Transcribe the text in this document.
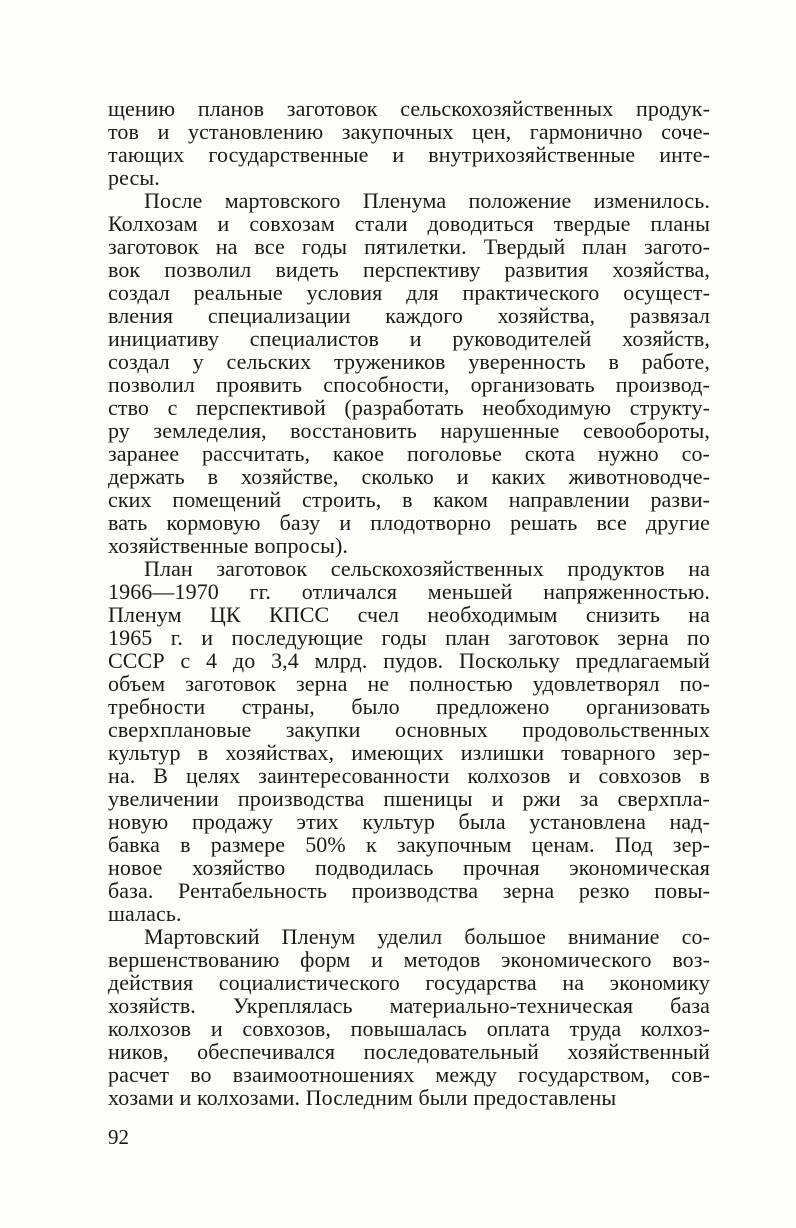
щению планов заготовок сельскохозяйственных продук-
тов и установлению закупочных цен, гармонично соче-
тающих государственные и внутрихозяйственные инте-
ресы.
После мартовского Пленума положение изменилось.
Колхозам и совхозам стали доводиться твердые планы
заготовок на все годы пятилетки. Твердый план загото-
вок позволил видеть перспективу развития хозяйства,
создал реальные условия для практического осущест-
вления специализации каждого хозяйства, развязал
инициативу специалистов и руководителей хозяйств,
создал у сельских тружеников уверенность в работе,
позволил проявить способности, организовать производ-
ство с перспективой (разработать необходимую структу-
ру земледелия, восстановить нарушенные севообороты,
заранее рассчитать, какое поголовье скота нужно со-
держать в хозяйстве, сколько и каких животноводче-
ских помещений строить, в каком направлении разви-
вать кормовую базу и плодотворно решать все другие
хозяйственные вопросы).
План заготовок сельскохозяйственных продуктов на
1966—1970 гг. отличался меньшей напряженностью.
Пленум ЦК КПСС счел необходимым снизить на
1965 г. и последующие годы план заготовок зерна по
СССР с 4 до 3,4 млрд. пудов. Поскольку предлагаемый
объем заготовок зерна не полностью удовлетворял по-
требности страны, было предложено организовать
сверхплановые закупки основных продовольственных
культур в хозяйствах, имеющих излишки товарного зер-
на. В целях заинтересованности колхозов и совхозов в
увеличении производства пшеницы и ржи за сверхпла-
новую продажу этих культур была установлена над-
бавка в размере 50% к закупочным ценам. Под зер-
новое хозяйство подводилась прочная экономическая
база. Рентабельность производства зерна резко повы-
шалась.
Мартовский Пленум уделил большое внимание со-
вершенствованию форм и методов экономического воз-
действия социалистического государства на экономику
хозяйств. Укреплялась материально-техническая база
колхозов и совхозов, повышалась оплата труда колхоз-
ников, обеспечивался последовательный хозяйственный
расчет во взаимоотношениях между государством, сов-
хозами и колхозами. Последним были предоставлены
92
